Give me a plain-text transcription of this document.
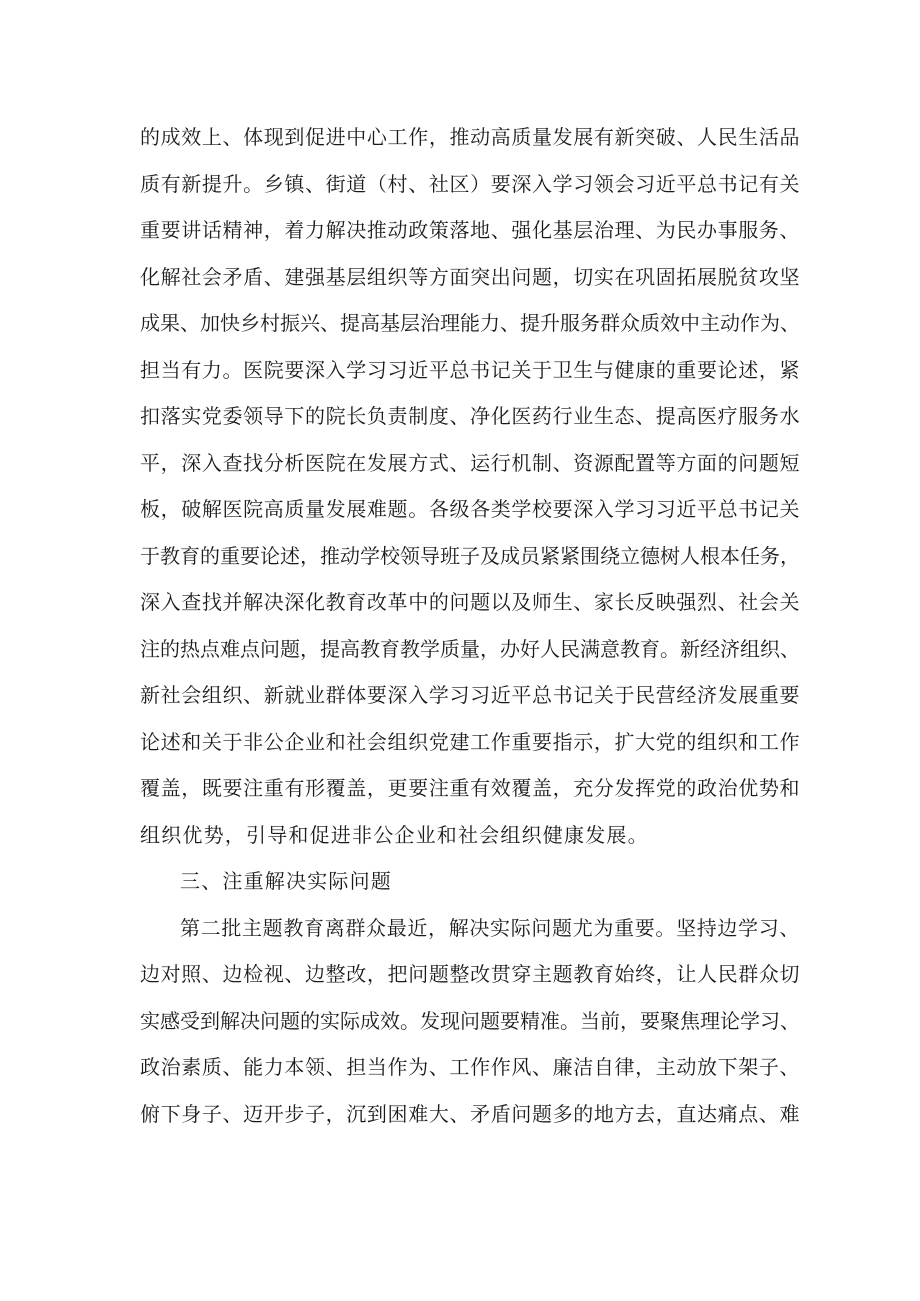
的成效上、体现到促进中心工作，推动高质量发展有新突破、人民生活品
质有新提升。乡镇、街道（村、社区）要深入学习领会习近平总书记有关
重要讲话精神，着力解决推动政策落地、强化基层治理、为民办事服务、
化解社会矛盾、建强基层组织等方面突出问题，切实在巩固拓展脱贫攻坚
成果、加快乡村振兴、提高基层治理能力、提升服务群众质效中主动作为、
担当有力。医院要深入学习习近平总书记关于卫生与健康的重要论述，紧
扣落实党委领导下的院长负责制度、净化医药行业生态、提高医疗服务水
平，深入查找分析医院在发展方式、运行机制、资源配置等方面的问题短
板，破解医院高质量发展难题。各级各类学校要深入学习习近平总书记关
于教育的重要论述，推动学校领导班子及成员紧紧围绕立德树人根本任务，
深入查找并解决深化教育改革中的问题以及师生、家长反映强烈、社会关
注的热点难点问题，提高教育教学质量，办好人民满意教育。新经济组织、
新社会组织、新就业群体要深入学习习近平总书记关于民营经济发展重要
论述和关于非公企业和社会组织党建工作重要指示，扩大党的组织和工作
覆盖，既要注重有形覆盖，更要注重有效覆盖，充分发挥党的政治优势和
组织优势，引导和促进非公企业和社会组织健康发展。
三、注重解决实际问题
第二批主题教育离群众最近，解决实际问题尤为重要。坚持边学习、
边对照、边检视、边整改，把问题整改贯穿主题教育始终，让人民群众切
实感受到解决问题的实际成效。发现问题要精准。当前，要聚焦理论学习、
政治素质、能力本领、担当作为、工作作风、廉洁自律，主动放下架子、
俯下身子、迈开步子，沉到困难大、矛盾问题多的地方去，直达痛点、难
